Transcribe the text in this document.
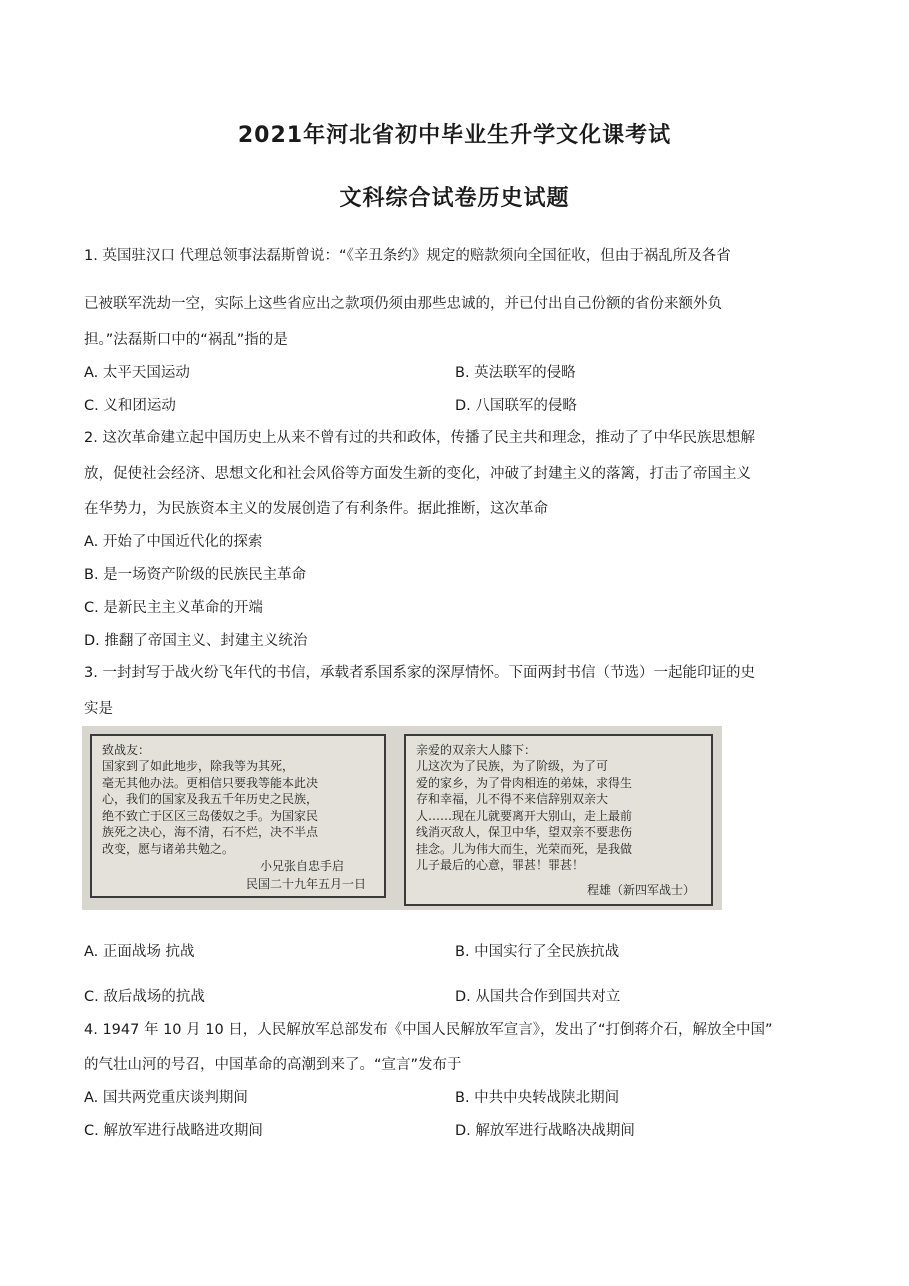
2021年河北省初中毕业生升学文化课考试
文科综合试卷历史试题
1. 英国驻汉口 代理总领事法磊斯曾说：“《辛丑条约》规定的赔款须向全国征收，但由于祸乱所及各省
已被联军洗劫一空，实际上这些省应出之款项仍须由那些忠诚的，并已付出自己份额的省份来额外负
担。”法磊斯口中的“祸乱”指的是
A. 太平天国运动	B. 英法联军的侵略
C. 义和团运动	D. 八国联军的侵略
2. 这次革命建立起中国历史上从来不曾有过的共和政体，传播了民主共和理念，推动了了中华民族思想解
放，促使社会经济、思想文化和社会风俗等方面发生新的变化，冲破了封建主义的落篱，打击了帝国主义
在华势力，为民族资本主义的发展创造了有利条件。据此推断，这次革命
A. 开始了中国近代化的探索
B. 是一场资产阶级的民族民主革命
C. 是新民主主义革命的开端
D. 推翻了帝国主义、封建主义统治
3. 一封封写于战火纷飞年代的书信，承载者系国系家的深厚情怀。下面两封书信（节选）一起能印证的史
实是
致战友：
国家到了如此地步，除我等为其死，
毫无其他办法。更相信只要我等能本此决
心，我们的国家及我五千年历史之民族，
绝不致亡于区区三岛倭奴之手。为国家民
族死之决心，海不清，石不烂，决不半点
改变，愿与诸弟共勉之。
小兄张自忠手启
民国二十九年五月一日
亲爱的双亲大人膝下：
儿这次为了民族，为了阶级，为了可
爱的家乡，为了骨肉相连的弟妹，求得生
存和幸福，儿不得不来信辞别双亲大
人……现在儿就要离开大别山，走上最前
线消灭敌人，保卫中华，望双亲不要悲伤
挂念。儿为伟大而生，光荣而死，是我做
儿子最后的心意，罪甚！罪甚！
程雄（新四军战士）
A. 正面战场 抗战	B. 中国实行了全民族抗战
C. 敌后战场的抗战	D. 从国共合作到国共对立
4. 1947 年 10 月 10 日，人民解放军总部发布《中国人民解放军宣言》，发出了“打倒蒋介石，解放全中国”
的气壮山河的号召，中国革命的高潮到来了。“宣言”发布于
A. 国共两党重庆谈判期间	B. 中共中央转战陕北期间
C. 解放军进行战略进攻期间	D. 解放军进行战略决战期间
